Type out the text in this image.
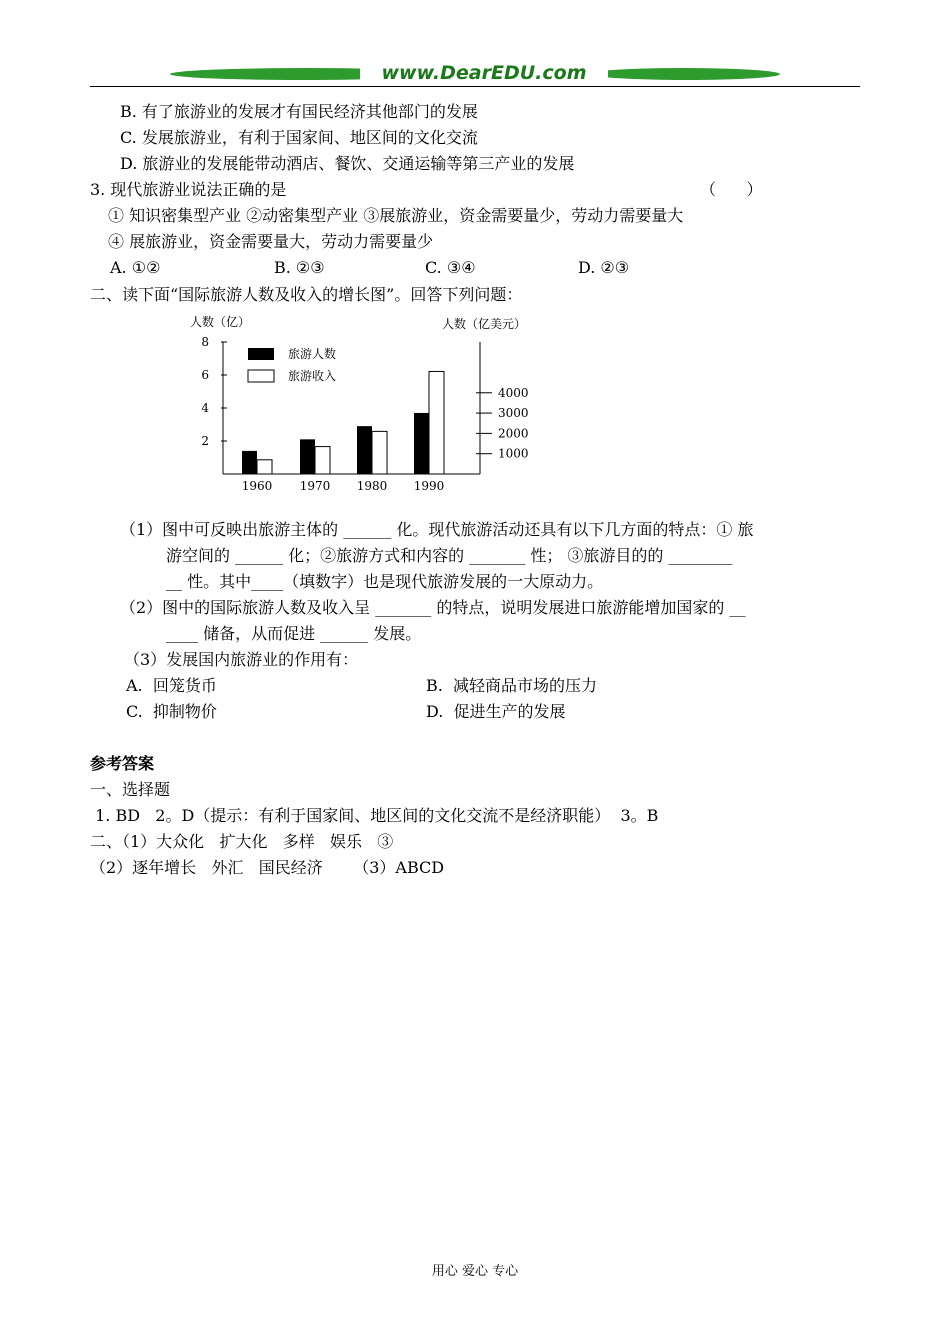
www.DearEDU.com
B. 有了旅游业的发展才有国民经济其他部门的发展
C. 发展旅游业，有利于国家间、地区间的文化交流
D. 旅游业的发展能带动酒店、餐饮、交通运输等第三产业的发展
3. 现代旅游业说法正确的是	（      ）
① 知识密集型产业 ②动密集型产业 ③展旅游业，资金需要量少，劳动力需要量大
④ 展旅游业，资金需要量大，劳动力需要量少
A. ①②	B. ②③	C. ③④	D. ②③
二、读下面“国际旅游人数及收入的增长图”。回答下列问题：
人数（亿）	人数（亿美元）
2
4
6
8
1000
2000
3000
4000
1960 1970 1980 1990
旅游人数
旅游收入
（1）图中可反映出旅游主体的 ______ 化。现代旅游活动还具有以下几方面的特点：① 旅
游空间的 ______ 化；②旅游方式和内容的 _______ 性； ③旅游目的的 ________
__ 性。其中____（填数字）也是现代旅游发展的一大原动力。
（2）图中的国际旅游人数及收入呈 _______ 的特点，说明发展进口旅游能增加国家的 __
____ 储备，从而促进 ______ 发展。
（3）发展国内旅游业的作用有：
A.  回笼货币	B.  减轻商品市场的压力
C.  抑制物价	D.  促进生产的发展
参考答案
一、选择题
1. BD   2。D（提示：有利于国家间、地区间的文化交流不是经济职能）  3。B
二、（1）大众化   扩大化   多样   娱乐   ③
（2）逐年增长   外汇   国民经济      （3）ABCD
用心 爱心 专心
